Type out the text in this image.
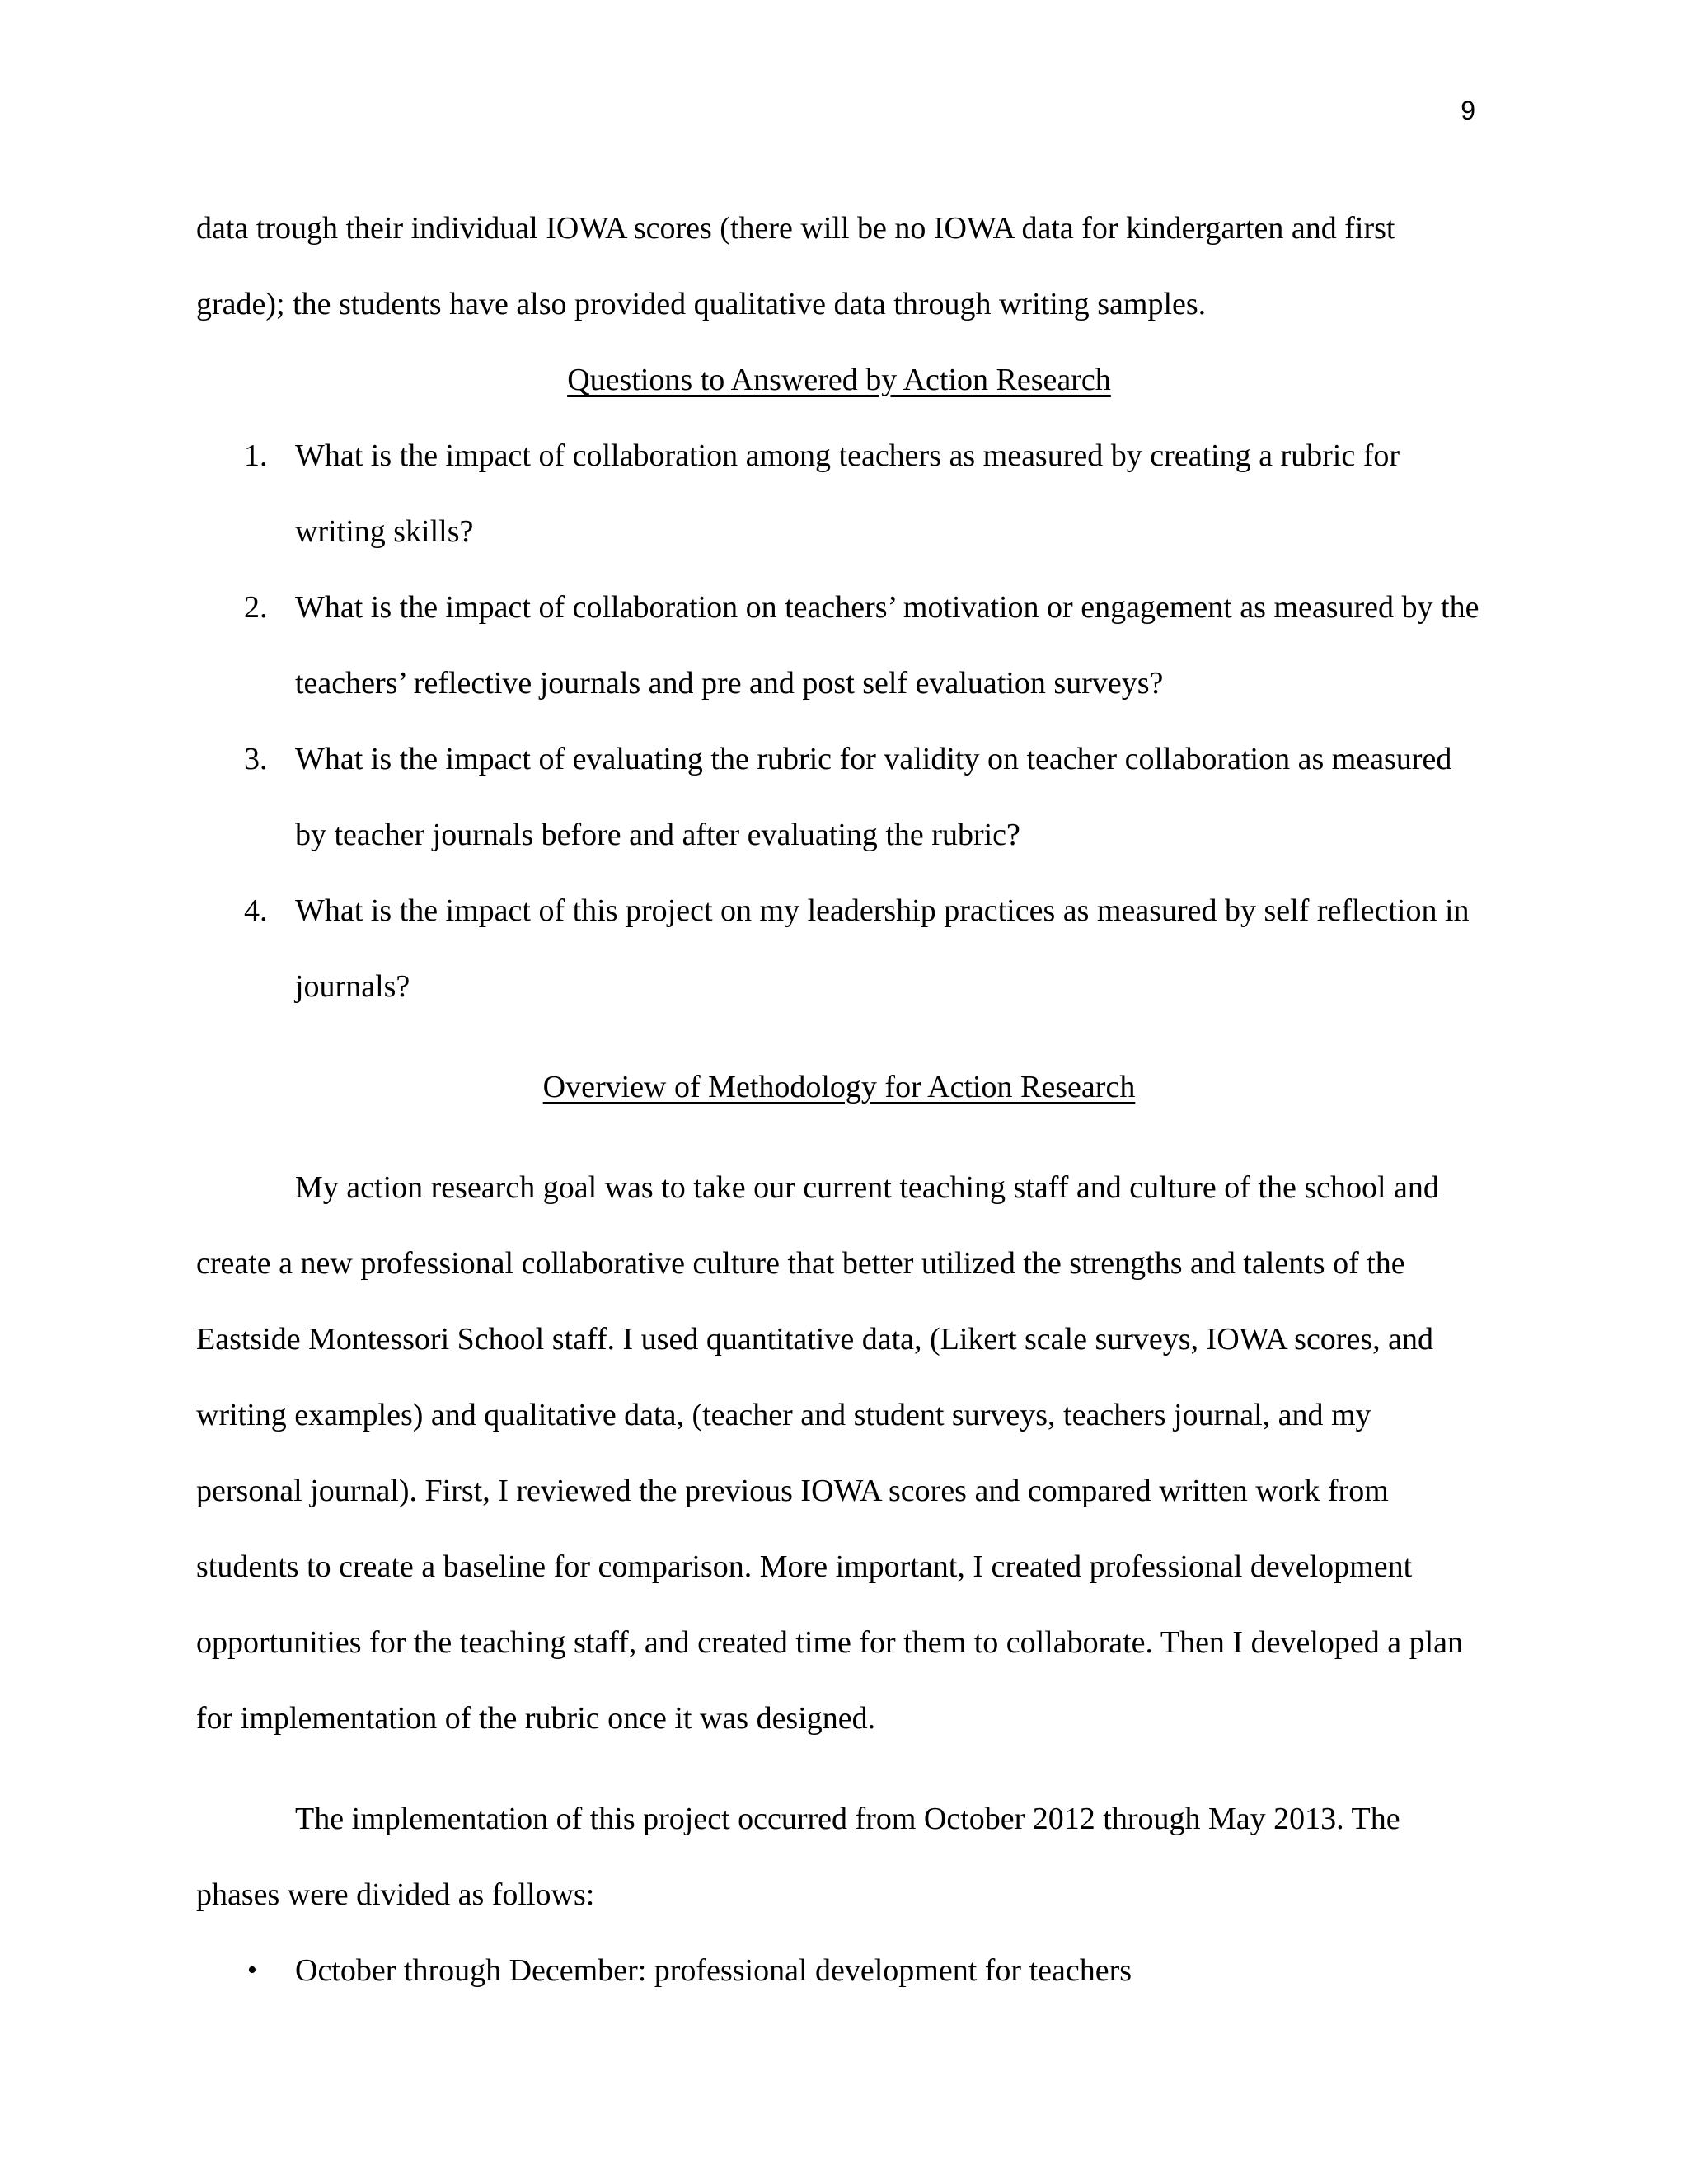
9

data trough their individual IOWA scores (there will be no IOWA data for kindergarten and first grade); the students have also provided qualitative data through writing samples.

Questions to Answered by Action Research

1. What is the impact of collaboration among teachers as measured by creating a rubric for writing skills?
2. What is the impact of collaboration on teachers’ motivation or engagement as measured by the teachers’ reflective journals and pre and post self evaluation surveys?
3. What is the impact of evaluating the rubric for validity on teacher collaboration as measured by teacher journals before and after evaluating the rubric?
4. What is the impact of this project on my leadership practices as measured by self reflection in journals?

Overview of Methodology for Action Research

My action research goal was to take our current teaching staff and culture of the school and create a new professional collaborative culture that better utilized the strengths and talents of the Eastside Montessori School staff. I used quantitative data, (Likert scale surveys, IOWA scores, and writing examples) and qualitative data, (teacher and student surveys, teachers journal, and my personal journal). First, I reviewed the previous IOWA scores and compared written work from students to create a baseline for comparison. More important, I created professional development opportunities for the teaching staff, and created time for them to collaborate. Then I developed a plan for implementation of the rubric once it was designed.

The implementation of this project occurred from October 2012 through May 2013. The phases were divided as follows:

• October through December: professional development for teachers
